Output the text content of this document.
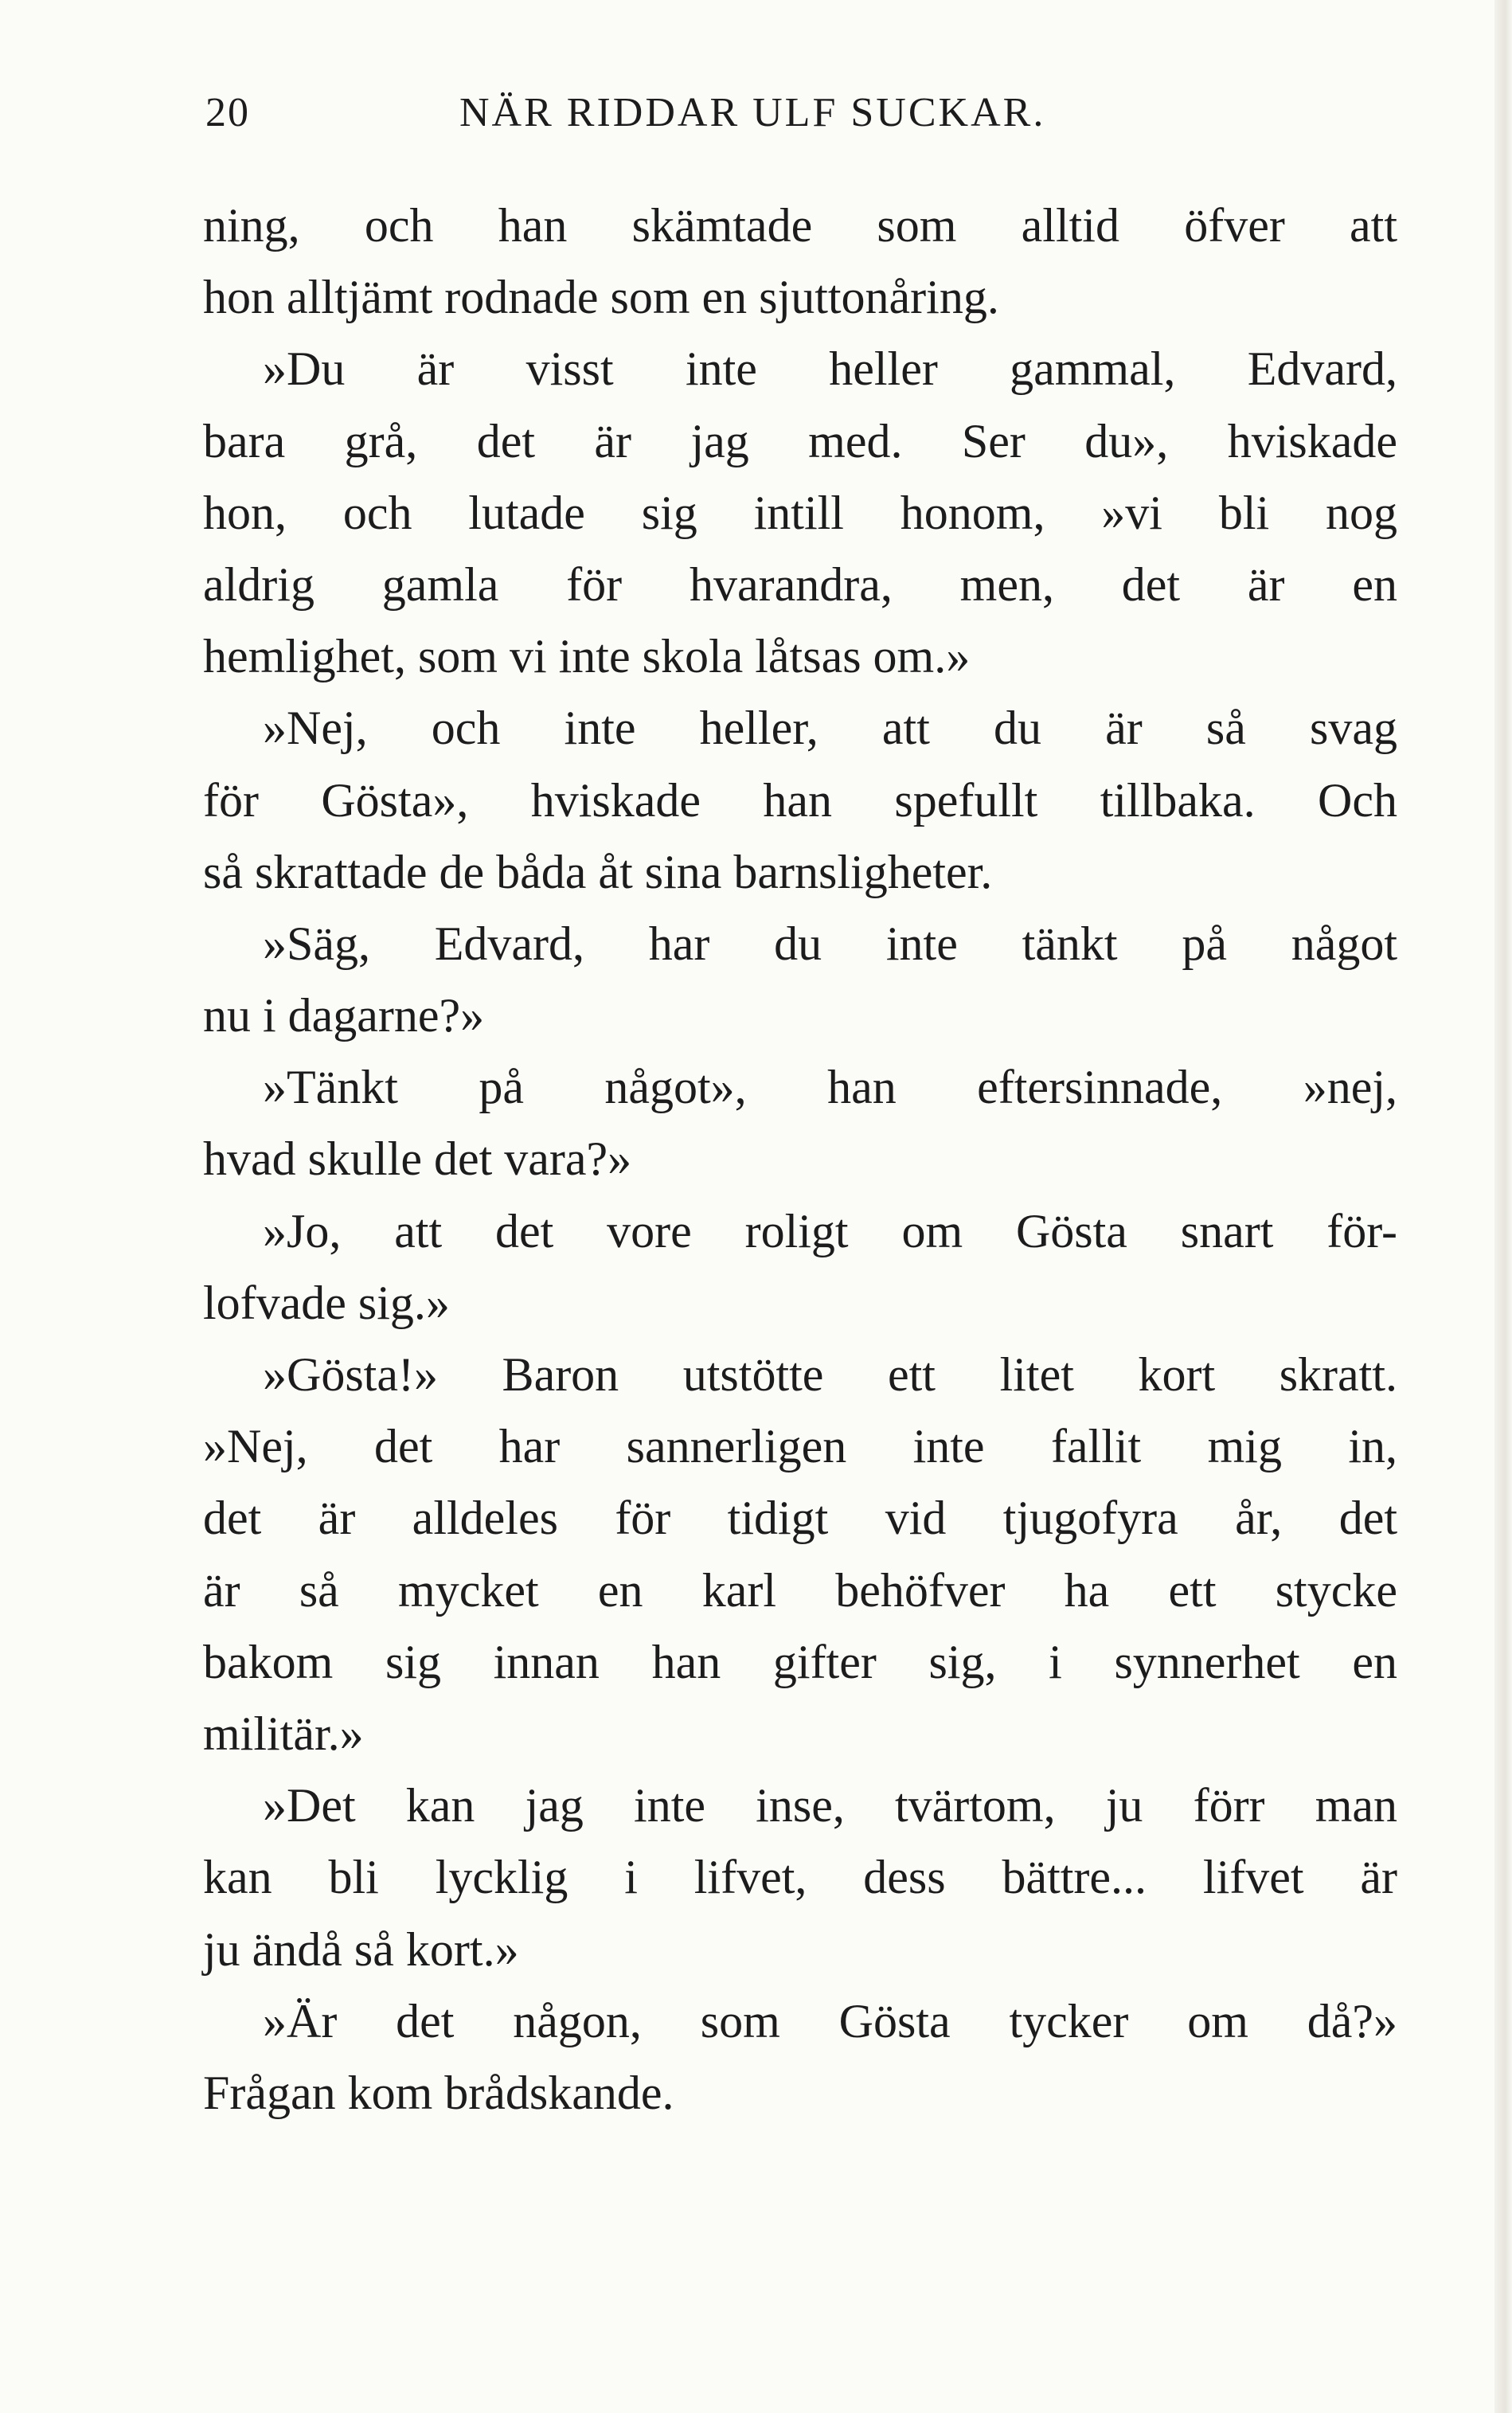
20	NÄR RIDDAR ULF SUCKAR.
ning, och han skämtade som alltid öfver att
hon alltjämt rodnade som en sjuttonåring.
»Du är visst inte heller gammal, Edvard,
bara grå, det är jag med. Ser du», hviskade
hon, och lutade sig intill honom, »vi bli nog
aldrig gamla för hvarandra, men, det är en
hemlighet, som vi inte skola låtsas om.»
»Nej, och inte heller, att du är så svag
för Gösta», hviskade han spefullt tillbaka. Och
så skrattade de båda åt sina barnsligheter.
»Säg, Edvard, har du inte tänkt på något
nu i dagarne?»
»Tänkt på något», han eftersinnade, »nej,
hvad skulle det vara?»
»Jo, att det vore roligt om Gösta snart för-
lofvade sig.»
»Gösta!» Baron utstötte ett litet kort skratt.
»Nej, det har sannerligen inte fallit mig in,
det är alldeles för tidigt vid tjugofyra år, det
är så mycket en karl behöfver ha ett stycke
bakom sig innan han gifter sig, i synnerhet en
militär.»
»Det kan jag inte inse, tvärtom, ju förr man
kan bli lycklig i lifvet, dess bättre... lifvet är
ju ändå så kort.»
»Är det någon, som Gösta tycker om då?»
Frågan kom brådskande.
